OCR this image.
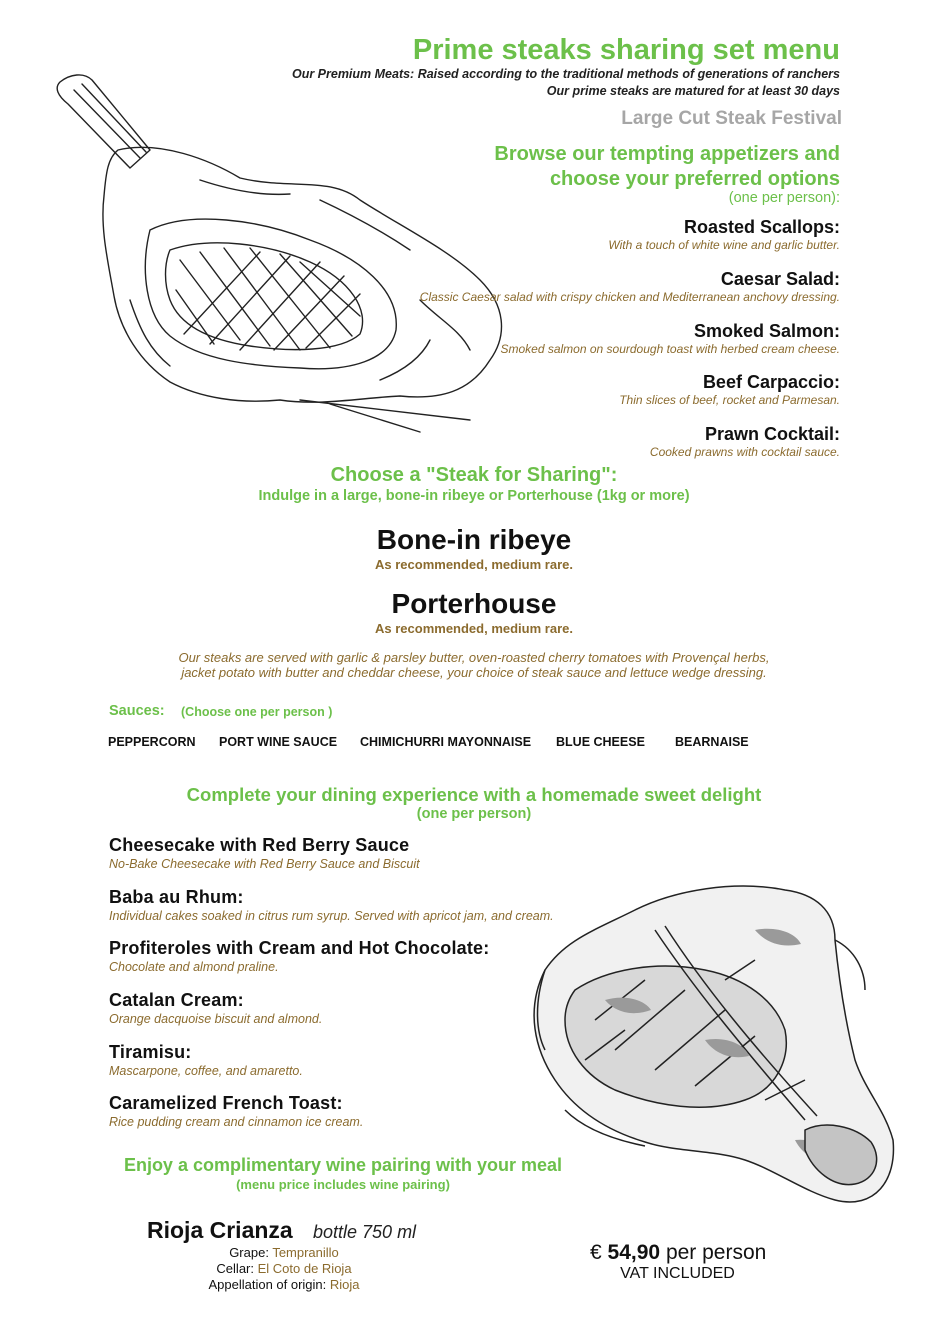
Prime steaks sharing set menu
Our Premium Meats: Raised according to the traditional methods of generations of ranchers
Our prime steaks are matured for at least 30 days
Large Cut Steak Festival
Browse our tempting appetizers and
choose your preferred options
(one per person):
Roasted Scallops:
With a touch of white wine and garlic butter.
Caesar Salad:
Classic Caesar salad with crispy chicken and Mediterranean anchovy dressing.
Smoked Salmon:
Smoked salmon on sourdough toast with herbed cream cheese.
Beef Carpaccio:
Thin slices of beef, rocket and Parmesan.
Prawn Cocktail:
Cooked prawns with cocktail sauce.
Choose a "Steak for Sharing":
Indulge in a large, bone-in ribeye or Porterhouse (1kg or more)
Bone-in ribeye
As recommended, medium rare.
Porterhouse
As recommended, medium rare.
Our steaks are served with garlic & parsley butter, oven-roasted cherry tomatoes with Provençal herbs,
jacket potato with butter and cheddar cheese, your choice of steak sauce and lettuce wedge dressing.
Sauces: (Choose one per person )
PEPPERCORN PORT WINE SAUCE CHIMICHURRI MAYONNAISE BLUE CHEESE BEARNAISE
Complete your dining experience with a homemade sweet delight
(one per person)
Cheesecake with Red Berry Sauce
No-Bake Cheesecake with Red Berry Sauce and Biscuit
Baba au Rhum:
Individual cakes soaked in citrus rum syrup. Served with apricot jam, and cream.
Profiteroles with Cream and Hot Chocolate:
Chocolate and almond praline.
Catalan Cream:
Orange dacquoise biscuit and almond.
Tiramisu:
Mascarpone, coffee, and amaretto.
Caramelized French Toast:
Rice pudding cream and cinnamon ice cream.
Enjoy a complimentary wine pairing with your meal
(menu price includes wine pairing)
Rioja Crianza bottle 750 ml
Grape: Tempranillo
Cellar: El Coto de Rioja
Appellation of origin: Rioja
€ 54,90 per person
VAT INCLUDED
